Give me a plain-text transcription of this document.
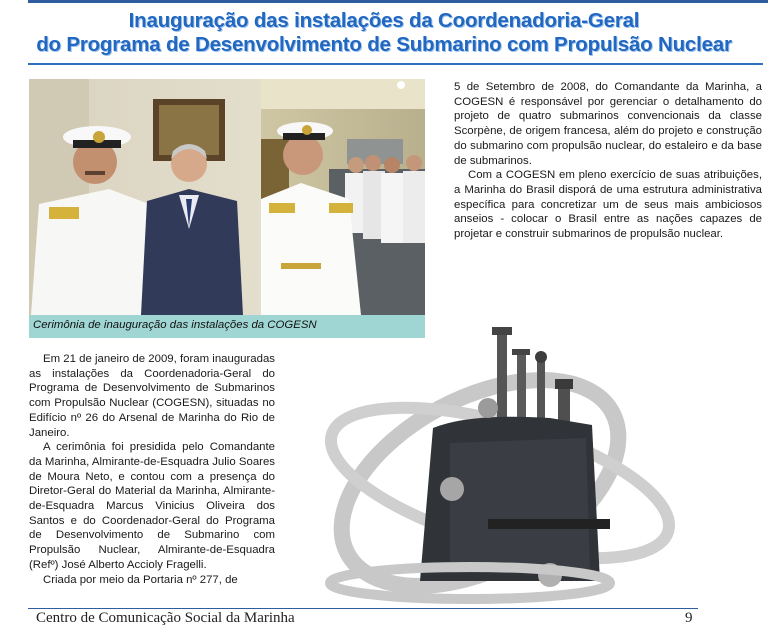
Inauguração das instalações da Coordenadoria-Geral
do Programa de Desenvolvimento de Submarino com Propulsão Nuclear
Cerimônia de inauguração das instalações da COGESN

5 de Setembro de 2008, do Comandante da Marinha, a COGESN é responsável por gerenciar o detalhamento do projeto de quatro submarinos convencionais da classe Scorpène, de origem francesa, além do projeto e construção do submarino com propulsão nuclear, do estaleiro e da base de submarinos.

Com a COGESN em pleno exercício de suas atribuições, a Marinha do Brasil disporá de uma estrutura administrativa específica para concretizar um de seus mais ambiciosos anseios - colocar o Brasil entre as nações capazes de projetar e construir submarinos de propulsão nuclear.

Em 21 de janeiro de 2009, foram inauguradas as instalações da Coordenadoria-Geral do Programa de Desenvolvimento de Submarinos com Propulsão Nuclear (COGESN), situadas no Edifício nº 26 do Arsenal de Marinha do Rio de Janeiro.

A cerimônia foi presidida pelo Comandante da Marinha, Almirante-de-Esquadra Julio Soares de Moura Neto, e contou com a presença do Diretor-Geral do Material da Marinha, Almirante-de-Esquadra Marcus Vinicius Oliveira dos Santos e do Coordenador-Geral do Programa de Desenvolvimento de Submarino com Propulsão Nuclear, Almirante-de-Esquadra (Refº) José Alberto Accioly Fragelli.

Criada por meio da Portaria nº 277, de

Centro de Comunicação Social da Marinha	9
